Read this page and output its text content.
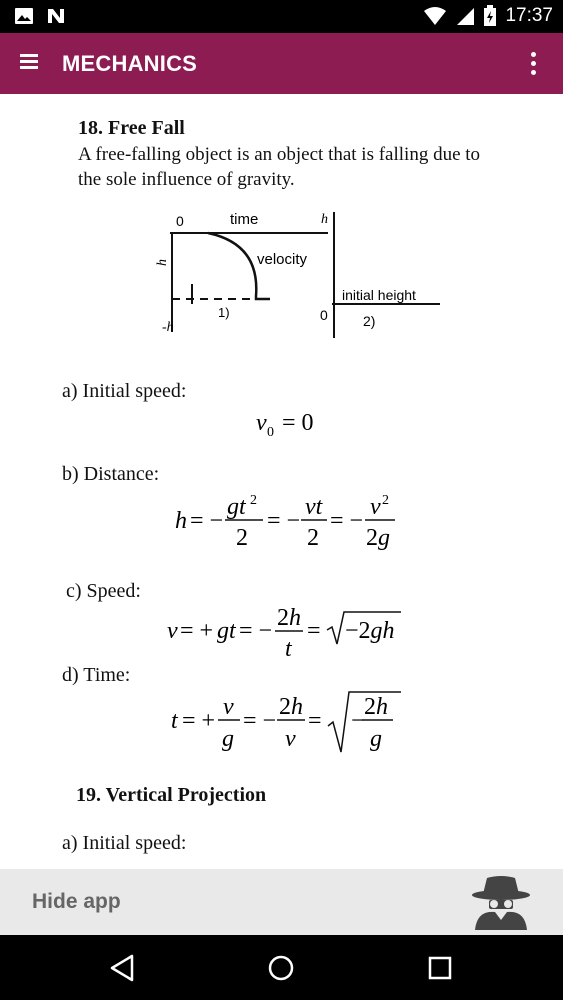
17:37
MECHANICS
18. Free Fall
A free-falling object is an object that is falling due to
the sole influence of gravity.
0	time
h	velocity
1)
-h
h
initial height
0	2)
a) Initial speed:
v 0 = 0
b) Distance:
h = −
gt 2
2
= −
vt
2
= −
v 2
2g
c) Speed:
v = + gt = − 2h
t
= −2gh
d) Time:
t = +
v
g
= −
2h
v
= −
2h
g
19. Vertical Projection
a) Initial speed:
Hide app
